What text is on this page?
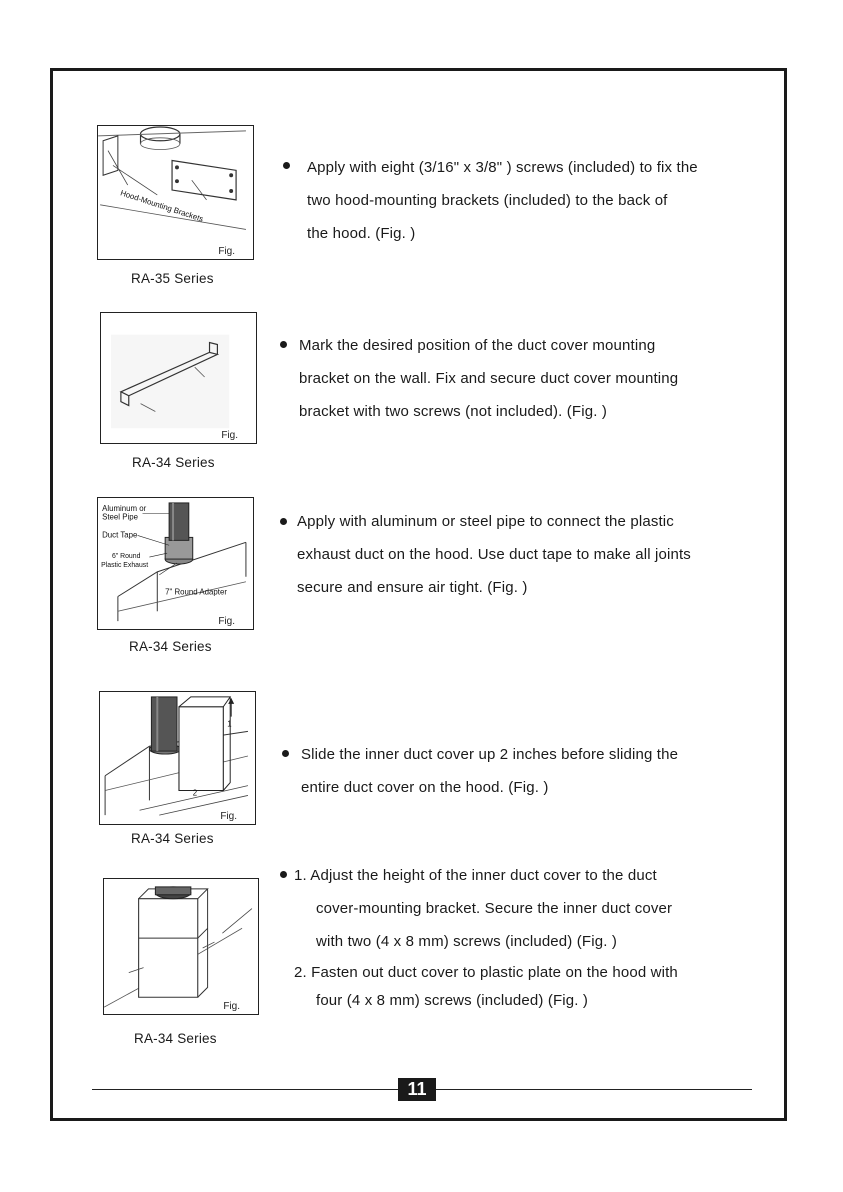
Hood-Mounting Brackets
Fig.
RA-35 Series
Apply with eight (3/16" x 3/8" ) screws (included) to fix the
two hood-mounting brackets (included) to the back of
the hood. (Fig. )
Fig.
RA-34 Series
Mark the desired position of the duct cover mounting
bracket on the wall. Fix and secure duct cover mounting
bracket with two screws (not included). (Fig. )
Aluminum or
Steel Pipe
Duct Tape
6" Round
Plastic Exhaust
7" Round Adapter
Fig.
RA-34 Series
Apply with aluminum or steel pipe to connect the plastic
exhaust duct on the hood. Use duct tape to make all joints
secure and ensure air tight. (Fig. )
1
2
Fig.
RA-34 Series
Slide the inner duct cover up 2 inches before sliding the
entire duct cover on the hood. (Fig. )
Fig.
RA-34 Series
1. Adjust the height of the inner duct cover to the duct
cover-mounting bracket. Secure the inner duct cover
with two (4 x 8 mm) screws (included) (Fig. )
2. Fasten out duct cover to plastic plate on the hood with
four (4 x 8 mm) screws (included) (Fig. )
11
